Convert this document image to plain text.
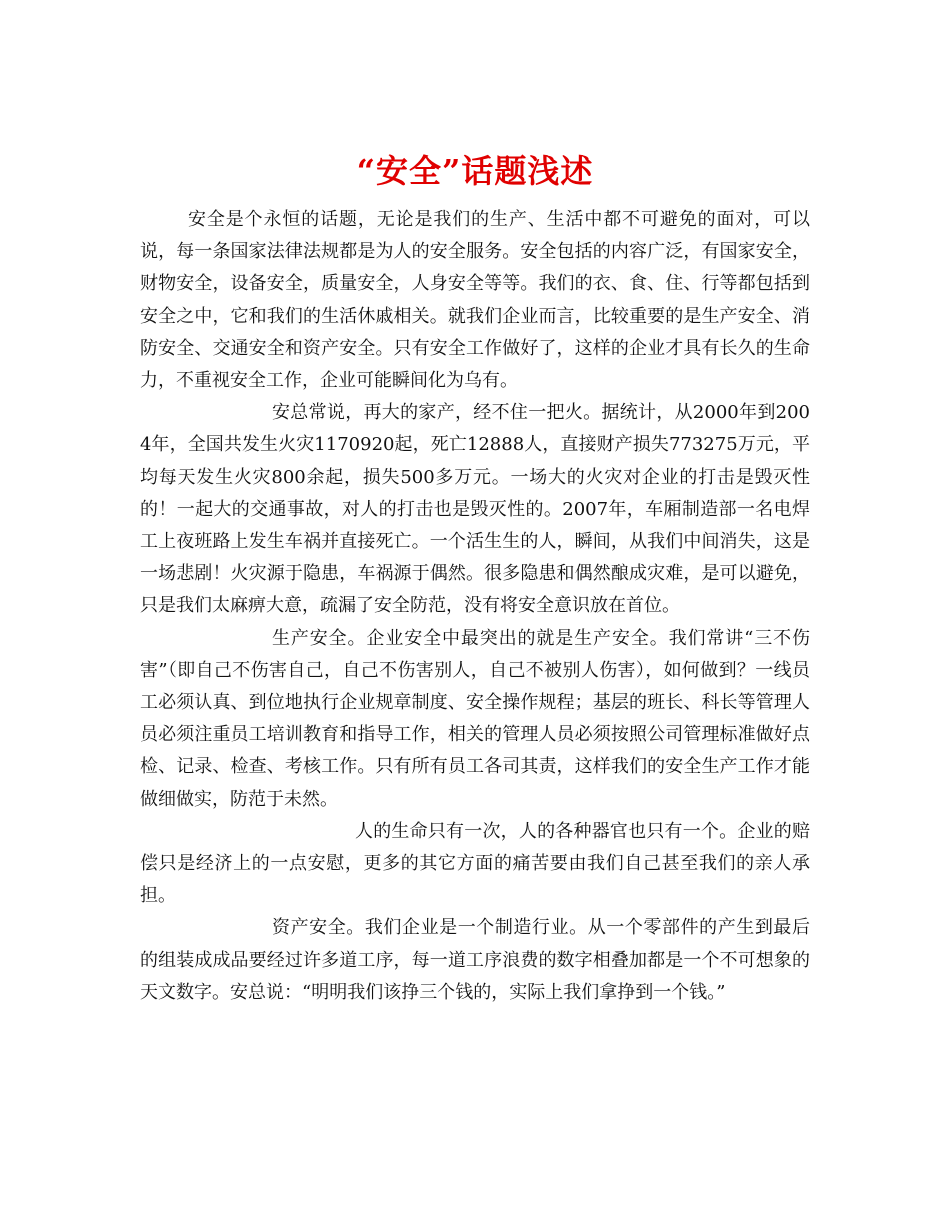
“安全”话题浅述

安全是个永恒的话题，无论是我们的生产、生活中都不可避免的面对，可以说，每一条国家法律法规都是为人的安全服务。安全包括的内容广泛，有国家安全，财物安全，设备安全，质量安全，人身安全等等。我们的衣、食、住、行等都包括到安全之中，它和我们的生活休戚相关。就我们企业而言，比较重要的是生产安全、消防安全、交通安全和资产安全。只有安全工作做好了，这样的企业才具有长久的生命力，不重视安全工作，企业可能瞬间化为乌有。

安总常说，再大的家产，经不住一把火。据统计，从2000年到2004年，全国共发生火灾1170920起，死亡12888人，直接财产损失773275万元，平均每天发生火灾800余起，损失500多万元。一场大的火灾对企业的打击是毁灭性的！一起大的交通事故，对人的打击也是毁灭性的。2007年，车厢制造部一名电焊工上夜班路上发生车祸并直接死亡。一个活生生的人，瞬间，从我们中间消失，这是一场悲剧！火灾源于隐患，车祸源于偶然。很多隐患和偶然酿成灾难，是可以避免，只是我们太麻痹大意，疏漏了安全防范，没有将安全意识放在首位。

生产安全。企业安全中最突出的就是生产安全。我们常讲“三不伤害”（即自己不伤害自己，自己不伤害别人，自己不被别人伤害），如何做到？一线员工必须认真、到位地执行企业规章制度、安全操作规程；基层的班长、科长等管理人员必须注重员工培训教育和指导工作，相关的管理人员必须按照公司管理标准做好点检、记录、检查、考核工作。只有所有员工各司其责，这样我们的安全生产工作才能做细做实，防范于未然。

人的生命只有一次，人的各种器官也只有一个。企业的赔偿只是经济上的一点安慰，更多的其它方面的痛苦要由我们自己甚至我们的亲人承担。

资产安全。我们企业是一个制造行业。从一个零部件的产生到最后的组装成成品要经过许多道工序，每一道工序浪费的数字相叠加都是一个不可想象的天文数字。安总说：“明明我们该挣三个钱的，实际上我们拿挣到一个钱。”
